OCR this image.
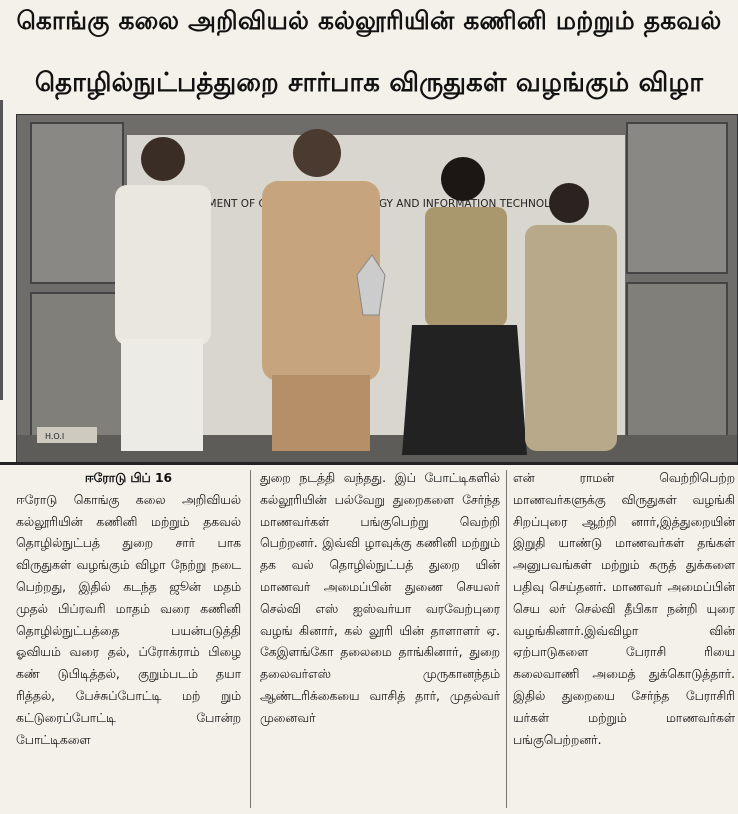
கொங்கு கலை அறிவியல் கல்லூரியின் கணினி மற்றும் தகவல்
தொழில்நுட்பத்துறை சார்பாக விருதுகள் வழங்கும் விழா
OF AND INFORMATION TECHNOLOGY
H.O.I
ஈரோடு பிப் 16

ஈரோடு கொங்கு கலை அறிவியல் கல்லூரியின் கணினி மற்றும் தகவல் தொழில்நுட்பத் துறை சார் பாக விருதுகள் வழங்கும் விழா நேற்று நடை பெற்றது, இதில் கடந்த ஜூன் மதம் முதல் பிப்ரவரி மாதம் வரை கணினி தொழில்நுட்பத்தை பயன்படுத்தி ஓவியம் வரை தல், ப்ரோக்ராம் பிழை கண் டுபிடித்தல், குறும்படம் தயா ரித்தல், பேச்சுப்போட்டி மற் றும் கட்டுரைப்போட்டி போன்ற போட்டிகளை

துறை நடத்தி வந்தது. இப் போட்டிகளில் கல்லூரியின் பல்வேறு துறைகளை சேர்ந்த மாணவர்கள் பங்குபெற்று வெற்றி பெற்றனர். இவ்வி ழாவுக்கு கணினி மற்றும் தக வல் தொழில்நுட்பத் துறை யின் மாணவர் அமைப்பின் துணை செயலர் செல்வி எஸ் ஐஸ்வர்யா வரவேற்புரை வழங் கினார், கல் லூரி யின் தாளாளர் ஏ. கேஇளங்கோ தலைமை தாங்கினார், துறை தலைவர்எஸ் முருகானந்தம் ஆண்டரிக்கையை வாசித் தார், முதல்வர் முனைவர்

என் ராமன் வெற்றிபெற்ற மாணவர்களுக்கு விருதுகள் வழங்கி சிறப்புரை ஆற்றி னார்,இத்துறையின் இறுதி யாண்டு மாணவர்கள் தங்கள் அனுபவங்கள் மற்றும் கருத் துக்களை பதிவு செய்தனர். மாணவர் அமைப்பின் செய லர் செல்வி தீபிகா நன்றி யுரை வழங்கினார்.இவ்விழா வின் ஏற்பாடுகளை பேராசி ரியை கலைவாணி அமைத் துக்கொடுத்தார். இதில் துறையை சேர்ந்த பேராசிரி யர்கள் மற்றும் மாணவர்கள் பங்குபெற்றனர்.
